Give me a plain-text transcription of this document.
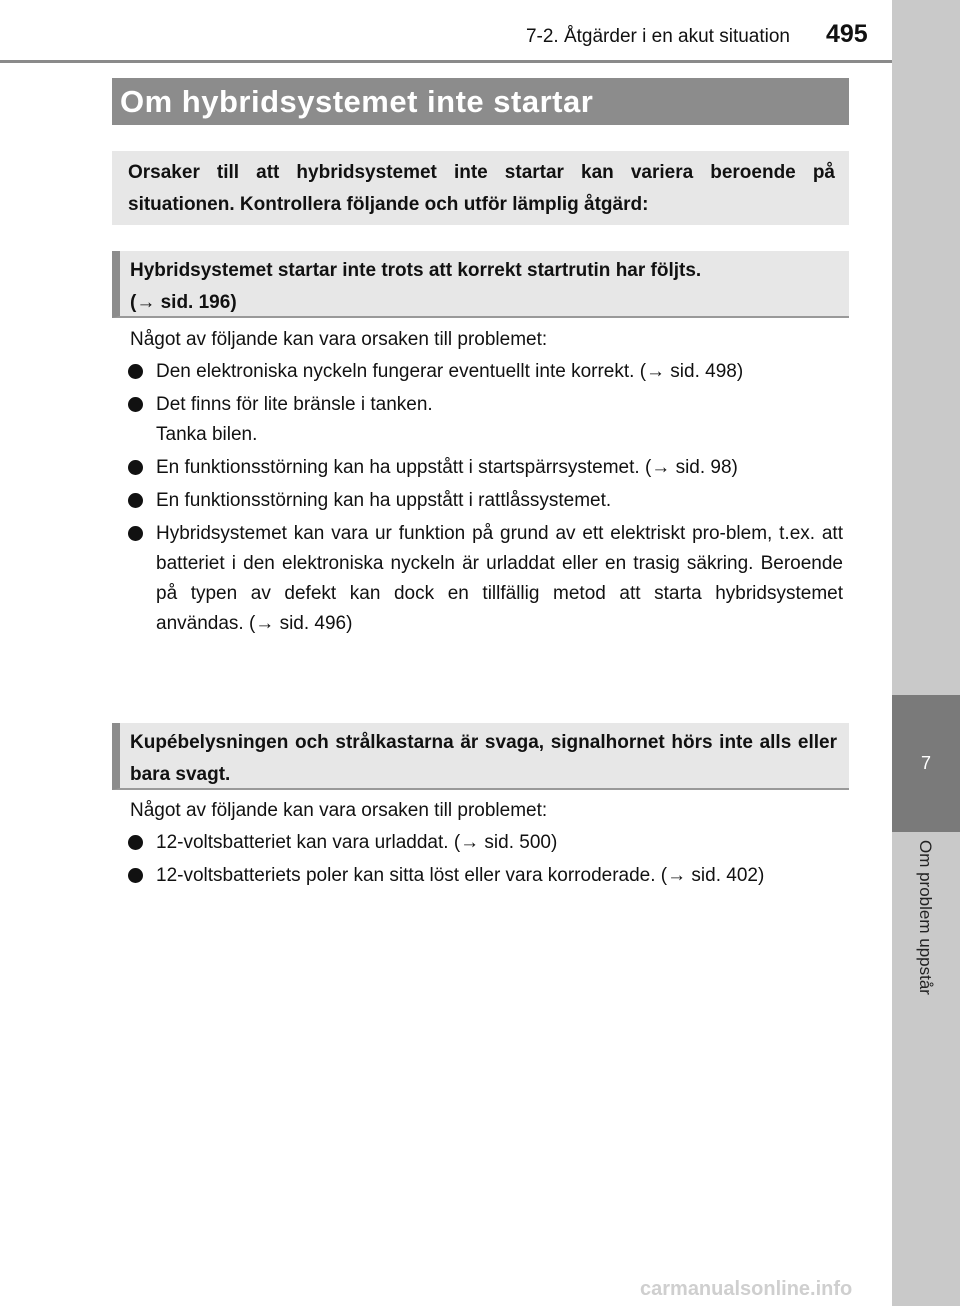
7-2. Åtgärder i en akut situation 495
7
Om problem uppstår
Om hybridsystemet inte startar
Orsaker till att hybridsystemet inte startar kan variera beroende på situationen. Kontrollera följande och utför lämplig åtgärd:
Hybridsystemet startar inte trots att korrekt startrutin har följts.
(→ sid. 196)
Något av följande kan vara orsaken till problemet:
Den elektroniska nyckeln fungerar eventuellt inte korrekt. (→ sid. 498)
Det finns för lite bränsle i tanken.
Tanka bilen.
En funktionsstörning kan ha uppstått i startspärrsystemet. (→ sid. 98)
En funktionsstörning kan ha uppstått i rattlåssystemet.
Hybridsystemet kan vara ur funktion på grund av ett elektriskt pro-blem, t.ex. att batteriet i den elektroniska nyckeln är urladdat eller en trasig säkring. Beroende på typen av defekt kan dock en tillfällig metod att starta hybridsystemet användas. (→ sid. 496)
Kupébelysningen och strålkastarna är svaga, signalhornet hörs inte alls eller bara svagt.
Något av följande kan vara orsaken till problemet:
12-voltsbatteriet kan vara urladdat. (→ sid. 500)
12-voltsbatteriets poler kan sitta löst eller vara korroderade. (→ sid. 402)
carmanualsonline.info
